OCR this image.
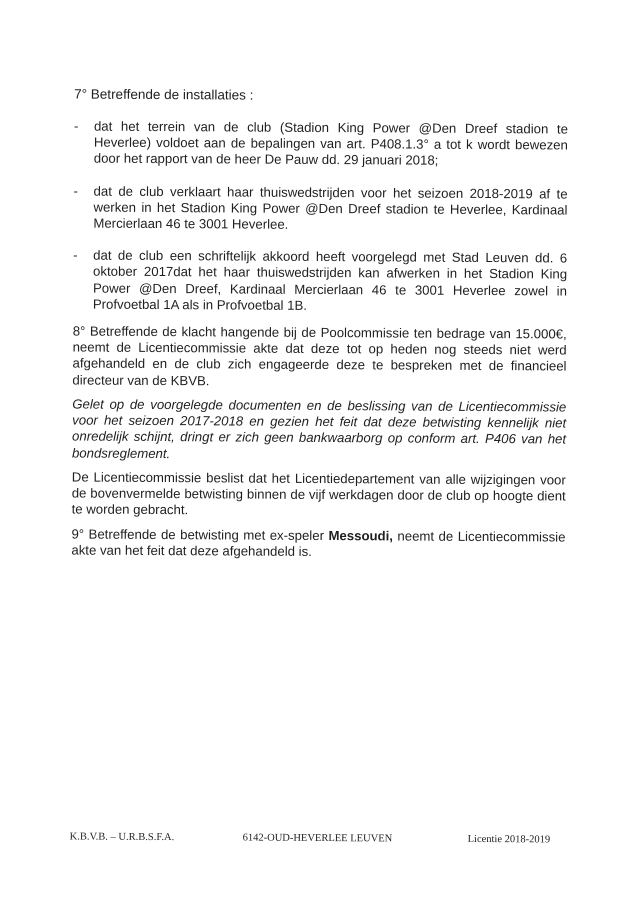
7° Betreffende de installaties :

- dat het terrein van de club (Stadion King Power @Den Dreef stadion te Heverlee) voldoet aan de bepalingen van art. P408.1.3° a tot k wordt bewezen door het rapport van de heer De Pauw dd. 29 januari 2018;
- dat de club verklaart haar thuiswedstrijden voor het seizoen 2018-2019 af te werken in het Stadion King Power @Den Dreef stadion te Heverlee, Kardinaal Mercierlaan 46 te 3001 Heverlee.
- dat de club een schriftelijk akkoord heeft voorgelegd met Stad Leuven dd. 6 oktober 2017dat het haar thuiswedstrijden kan afwerken in het Stadion King Power @Den Dreef, Kardinaal Mercierlaan 46 te 3001 Heverlee zowel in Profvoetbal 1A als in Profvoetbal 1B.

8° Betreffende de klacht hangende bij de Poolcommissie ten bedrage van 15.000€, neemt de Licentiecommissie akte dat deze tot op heden nog steeds niet werd afgehandeld en de club zich engageerde deze te bespreken met de financieel directeur van de KBVB.

Gelet op de voorgelegde documenten en de beslissing van de Licentiecommissie voor het seizoen 2017-2018 en gezien het feit dat deze betwisting kennelijk niet onredelijk schijnt, dringt er zich geen bankwaarborg op conform art. P406 van het bondsreglement.

De Licentiecommissie beslist dat het Licentiedepartement van alle wijzigingen voor de bovenvermelde betwisting binnen de vijf werkdagen door de club op hoogte dient te worden gebracht.

9° Betreffende de betwisting met ex-speler Messoudi, neemt de Licentiecommissie akte van het feit dat deze afgehandeld is.

K.B.V.B. – U.R.B.S.F.A.	6142-OUD-HEVERLEE LEUVEN	Licentie 2018-2019
